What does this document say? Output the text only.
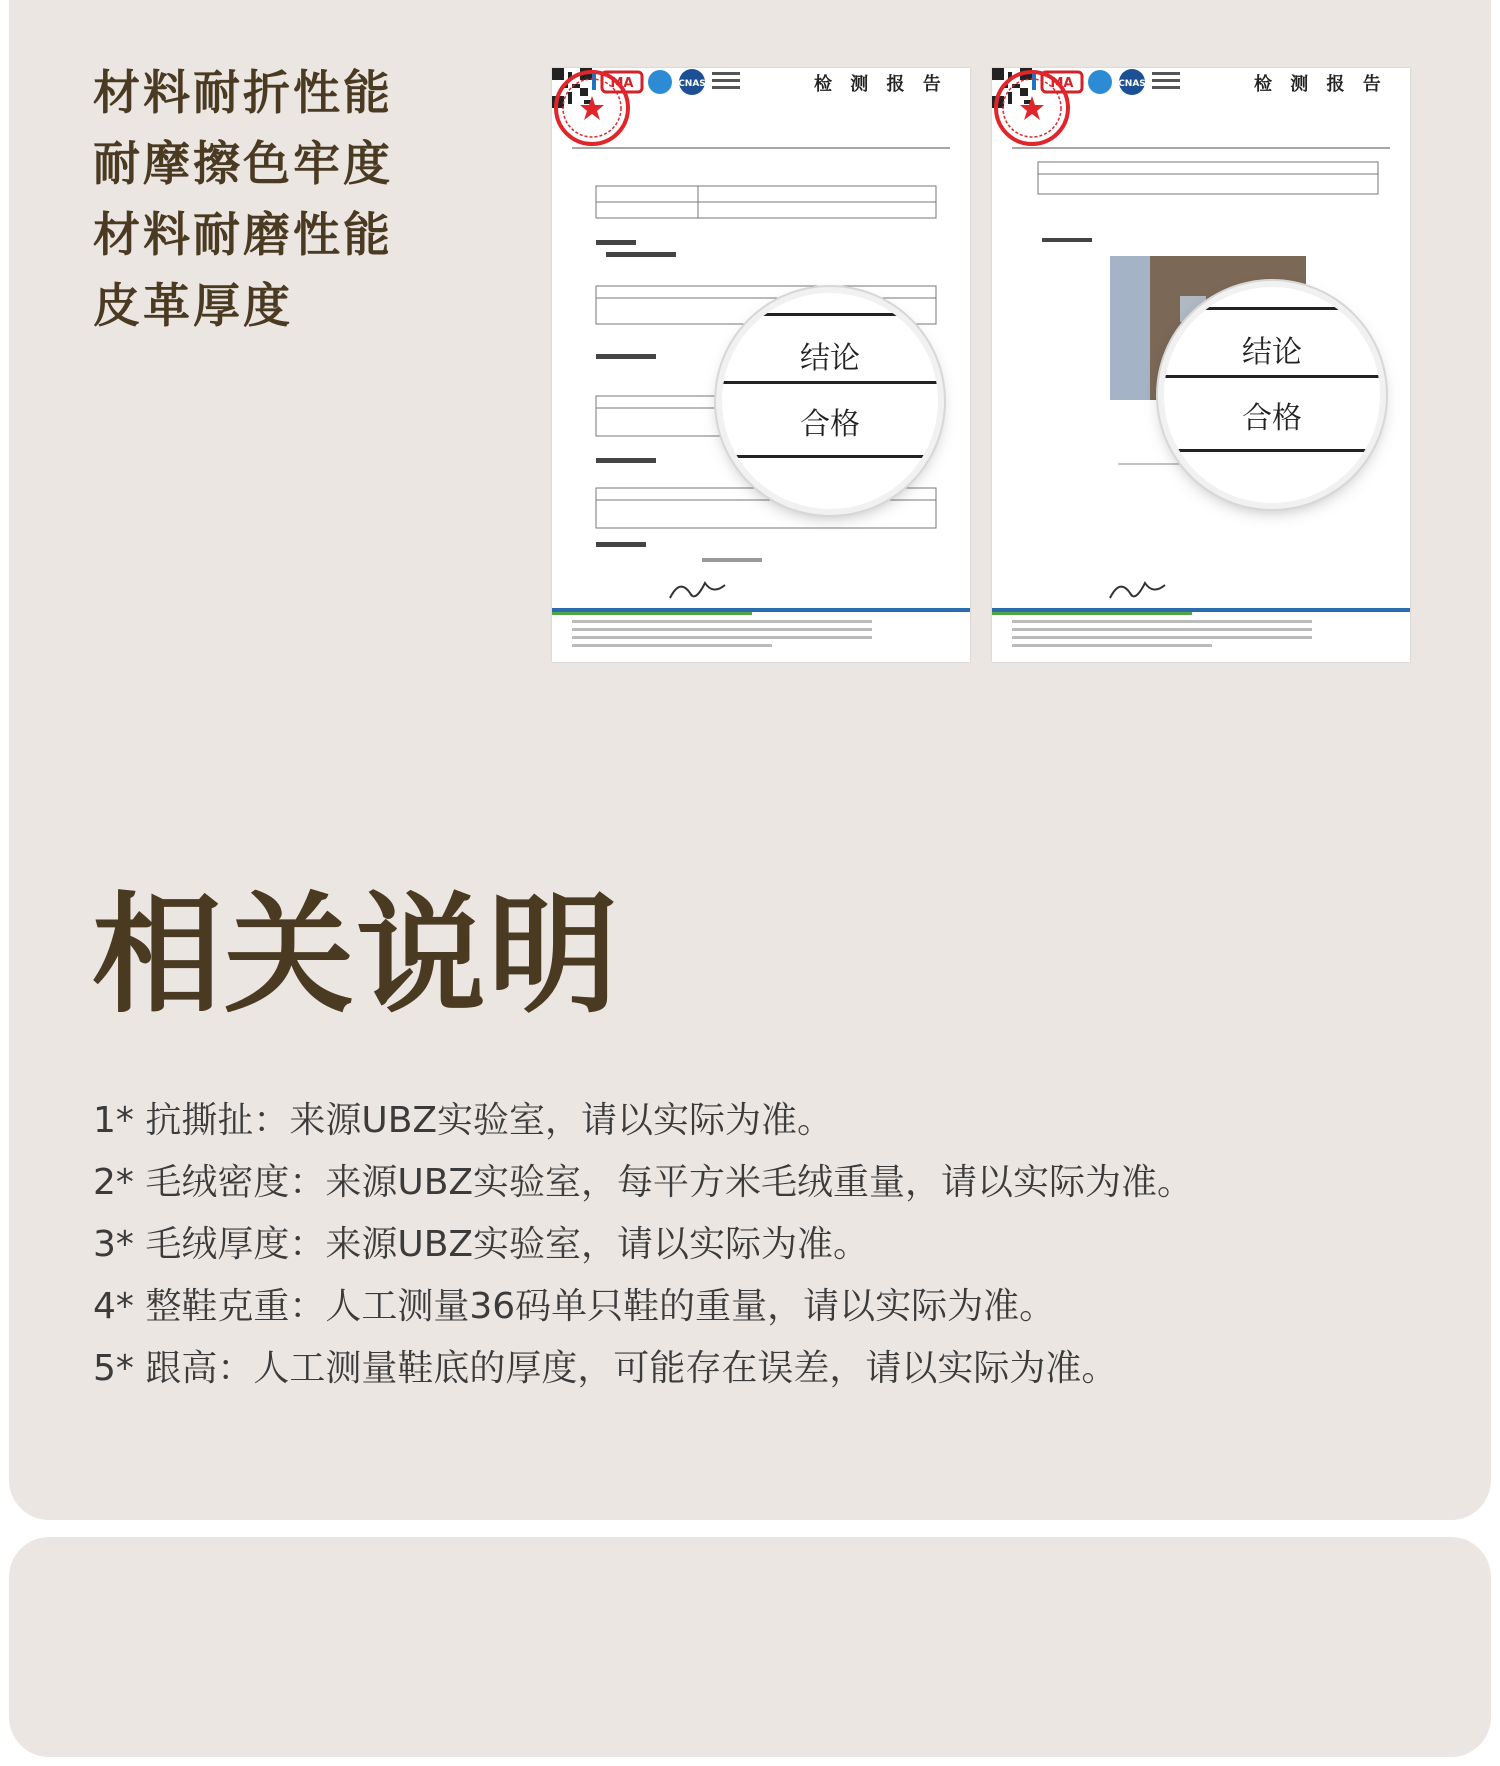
材料耐折性能
耐摩擦色牢度
材料耐磨性能
皮革厚度
检 测 报 告
MA	CNAS
结论
合格
检 测 报 告
MA	CNAS
结论
合格
相关说明
1* 抗撕扯：来源UBZ实验室，请以实际为准。
2* 毛绒密度：来源UBZ实验室，每平方米毛绒重量，请以实际为准。
3* 毛绒厚度：来源UBZ实验室，请以实际为准。
4* 整鞋克重：人工测量36码单只鞋的重量，请以实际为准。
5* 跟高：人工测量鞋底的厚度，可能存在误差，请以实际为准。
